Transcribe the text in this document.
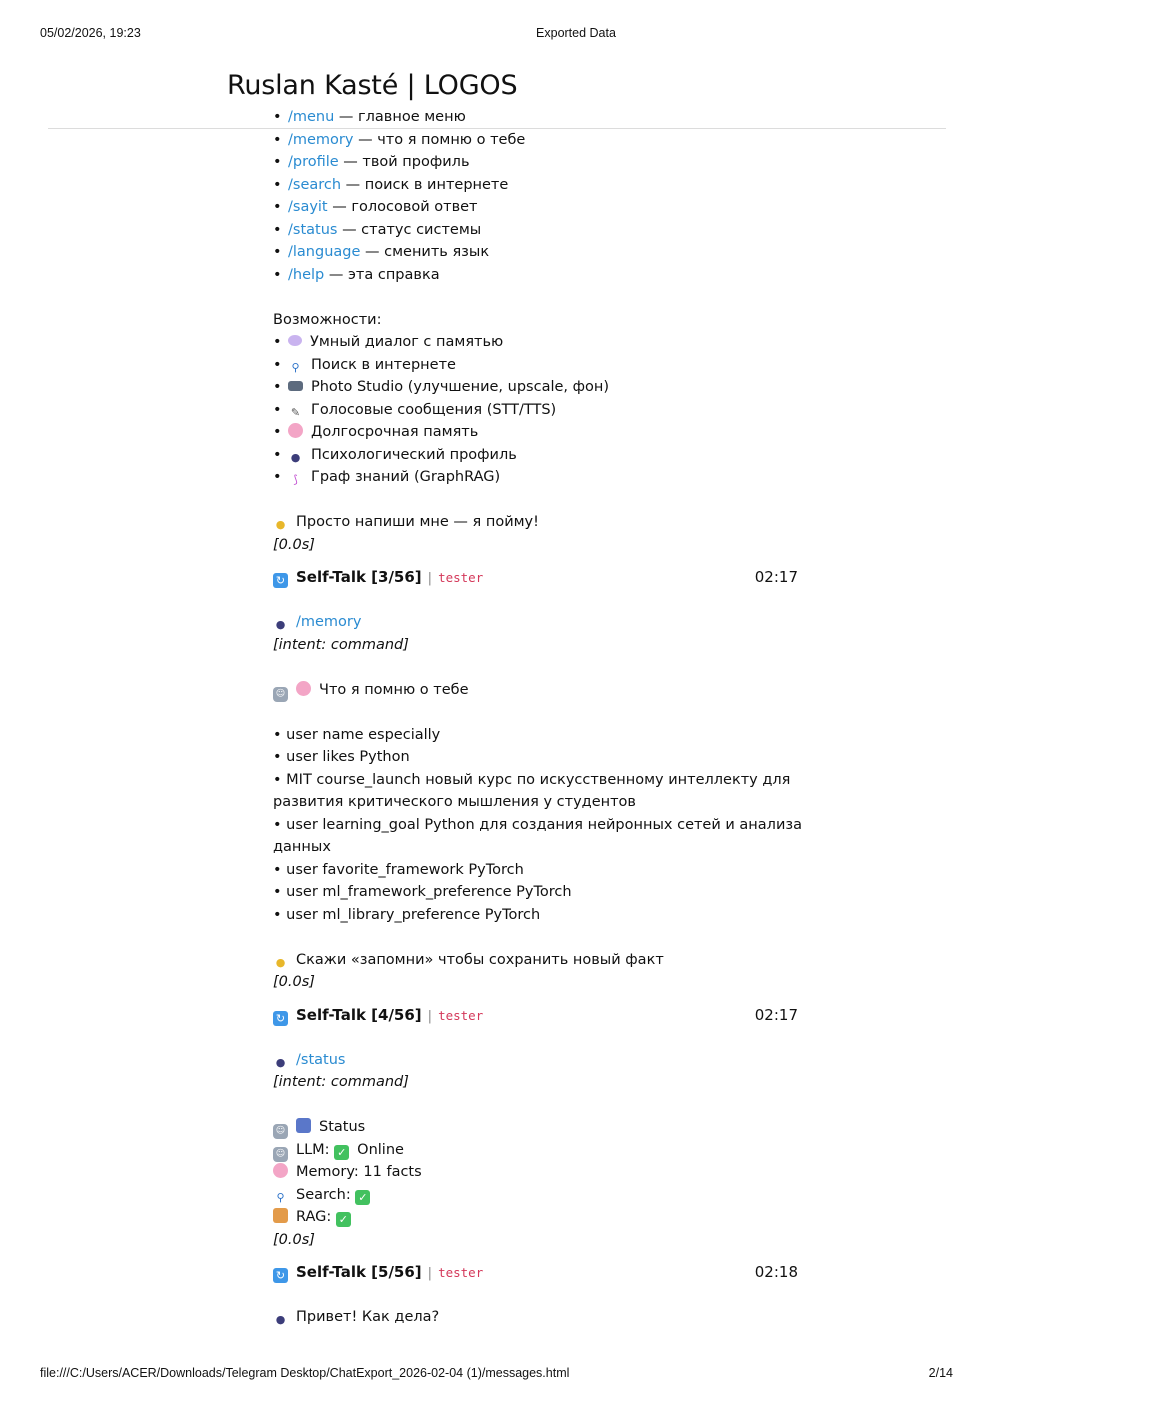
05/02/2026, 19:23	Exported Data
Ruslan Kasté | LOGOS
• /menu — главное меню
• /memory — что я помню о тебе
• /profile — твой профиль
• /search — поиск в интернете
• /sayit — голосовой ответ
• /status — статус системы
• /language — сменить язык
• /help — эта справка
Возможности:
• Умный диалог с памятью
• ⚲ Поиск в интернете
• Photo Studio (улучшение, upscale, фон)
• ✎ Голосовые сообщения (STT/TTS)
• Долгосрочная память
• ● Психологический профиль
• ⟆ Граф знаний (GraphRAG)
● Просто напиши мне — я пойму!
[0.0s]
↻ Self-Talk [3/56] | tester	02:17
● /memory
[intent: command]
☺ Что я помню о тебе
• user name especially
• user likes Python
• MIT course_launch новый курс по искусственному интеллекту для развития критического мышления у студентов
• user learning_goal Python для создания нейронных сетей и анализа данных
• user favorite_framework PyTorch
• user ml_framework_preference PyTorch
• user ml_library_preference PyTorch
● Скажи «запомни» чтобы сохранить новый факт
[0.0s]
↻ Self-Talk [4/56] | tester	02:17
● /status
[intent: command]
☺ Status
☺ LLM: ✓ Online
Memory: 11 facts
⚲ Search: ✓
RAG: ✓
[0.0s]
↻ Self-Talk [5/56] | tester	02:18
● Привет! Как дела?
file:///C:/Users/ACER/Downloads/Telegram Desktop/ChatExport_2026-02-04 (1)/messages.html	2/14
